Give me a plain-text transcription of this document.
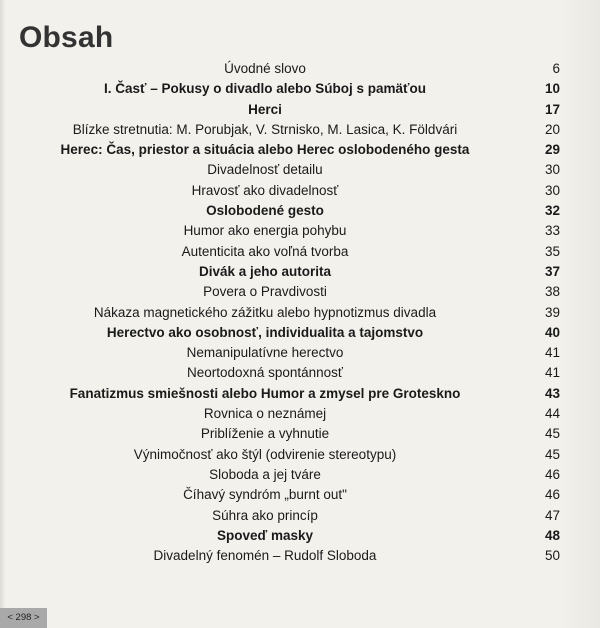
Obsah
Úvodné slovo	6
I. Časť – Pokusy o divadlo alebo Súboj s pamäťou	10
Herci	17
Blízke stretnutia: M. Porubjak, V. Strnisko, M. Lasica, K. Földvári	20
Herec: Čas, priestor a situácia alebo Herec oslobodeného gesta	29
Divadelnosť detailu	30
Hravosť ako divadelnosť	30
Oslobodené gesto	32
Humor ako energia pohybu	33
Autenticita ako voľná tvorba	35
Divák a jeho autorita	37
Povera o Pravdivosti	38
Nákaza magnetického zážitku alebo hypnotizmus divadla	39
Herectvo ako osobnosť, individualita a tajomstvo	40
Nemanipulatívne herectvo	41
Neortodoxná spontánnosť	41
Fanatizmus smiešnosti alebo Humor a zmysel pre Groteskno	43
Rovnica o neznámej	44
Priblíženie a vyhnutie	45
Výnimočnosť ako štýl (odvirenie stereotypu)	45
Sloboda a jej tváre	46
Číhavý syndróm „burnt out"	46
Súhra ako princíp	47
Spoveď masky	48
Divadelný fenomén – Rudolf Sloboda	50
< 298 >
